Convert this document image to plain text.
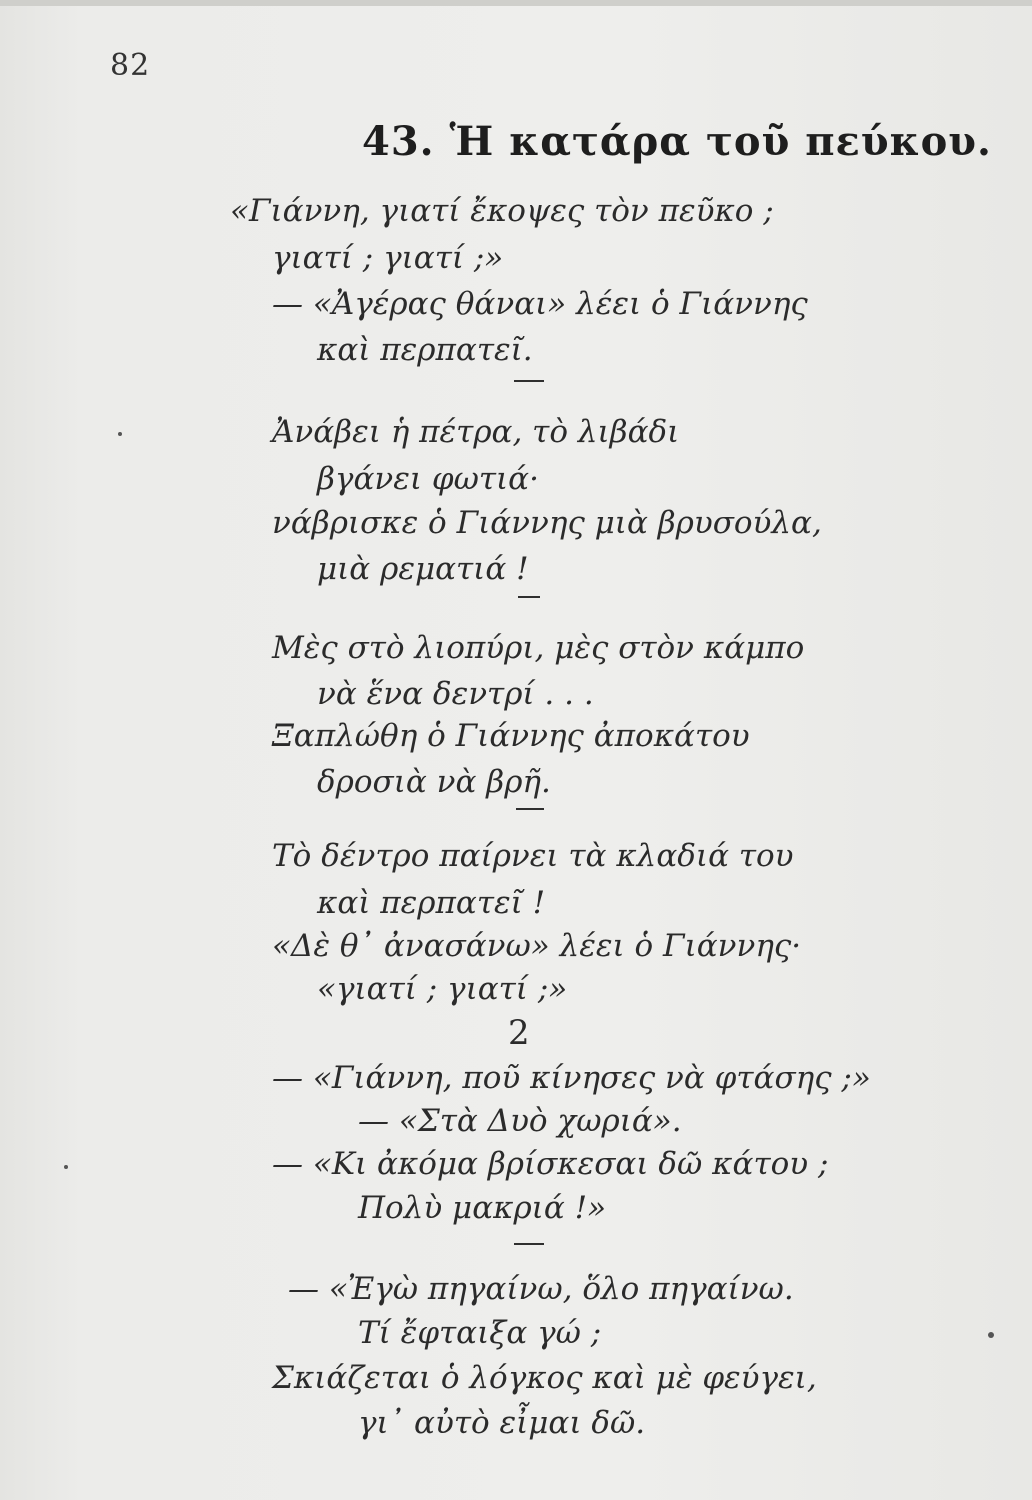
82
43. Ἡ κατάρα τοῦ πεύκου.
«Γιάννη, γιατί ἔκοψες τὸν πεῦκο ;
γιατί ; γιατί ;»
— «Ἀγέρας θάναι» λέει ὁ Γιάννης
καὶ περπατεῖ.
Ἀνάβει ἡ πέτρα, τὸ λιβάδι
βγάνει φωτιά·
νάβρισκε ὁ Γιάννης μιὰ βρυσούλα,
μιὰ ρεματιά !
Μὲς στὸ λιοπύρι, μὲς στὸν κάμπο
νὰ ἕνα δεντρί . . .
Ξαπλώθη ὁ Γιάννης ἀποκάτου
δροσιὰ νὰ βρῆ.
Τὸ δέντρο παίρνει τὰ κλαδιά του
καὶ περπατεῖ !
«Δὲ θ᾽ ἀνασάνω» λέει ὁ Γιάννης·
«γιατί ; γιατί ;»
2
— «Γιάννη, ποῦ κίνησες νὰ φτάσης ;»
— «Στὰ Δυὸ χωριά».
— «Κι ἀκόμα βρίσκεσαι δῶ κάτου ;
Πολὺ μακριά !»
— «Ἐγὼ πηγαίνω, ὅλο πηγαίνω.
Τί ἔφταιξα γώ ;
Σκιάζεται ὁ λόγκος καὶ μὲ φεύγει,
γι᾽ αὐτὸ εἶμαι δῶ.
